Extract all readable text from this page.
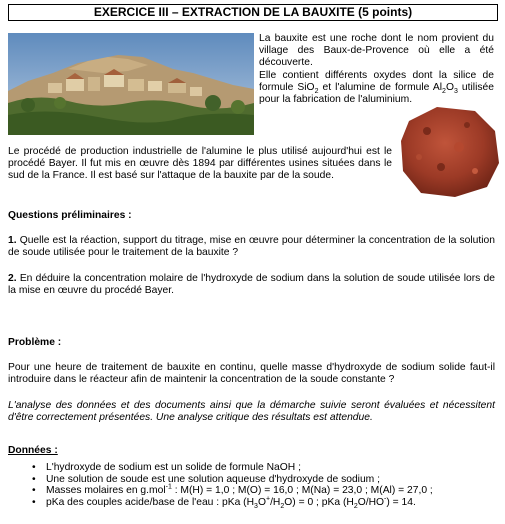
EXERCICE III – EXTRACTION DE LA BAUXITE (5 points)
La bauxite est une roche dont le nom provient du village des Baux-de-Provence où elle a été découverte.
Elle contient différents oxydes dont la silice de formule SiO$_2$ et l'alumine de formule $Al_2O_3$ utilisée pour la fabrication de l'aluminium.
Le procédé de production industrielle de l'alumine le plus utilisé aujourd'hui est le procédé Bayer. Il fut mis en œuvre dès 1894 par différentes usines situées dans le sud de la France. Il est basé sur l'attaque de la bauxite par de la soude.
Questions préliminaires :
1. Quelle est la réaction, support du titrage, mise en œuvre pour déterminer la concentration de la solution de soude utilisée pour le traitement de la bauxite ?
2. En déduire la concentration molaire de l'hydroxyde de sodium dans la solution de soude utilisée lors de la mise en œuvre du procédé Bayer.
Problème :
Pour une heure de traitement de bauxite en continu, quelle masse d'hydroxyde de sodium solide faut-il introduire dans le réacteur afin de maintenir la concentration de la soude constante ?
L'analyse des données et des documents ainsi que la démarche suivie seront évaluées et nécessitent d'être correctement présentées. Une analyse critique des résultats est attendue.
Données :
• L'hydroxyde de sodium est un solide de formule NaOH ;
• Une solution de soude est une solution aqueuse d'hydroxyde de sodium ;
• Masses molaires en g.mol$^{-1}$ : M(H) = 1,0 ; M(O) = 16,0 ; M(Na) = 23,0 ; M(Al) = 27,0 ;
• pKa des couples acide/base de l'eau : pKa $(H_3O^+/H_2O) = 0$ ; pKa $(H_2O/HO^-) = 14$.
